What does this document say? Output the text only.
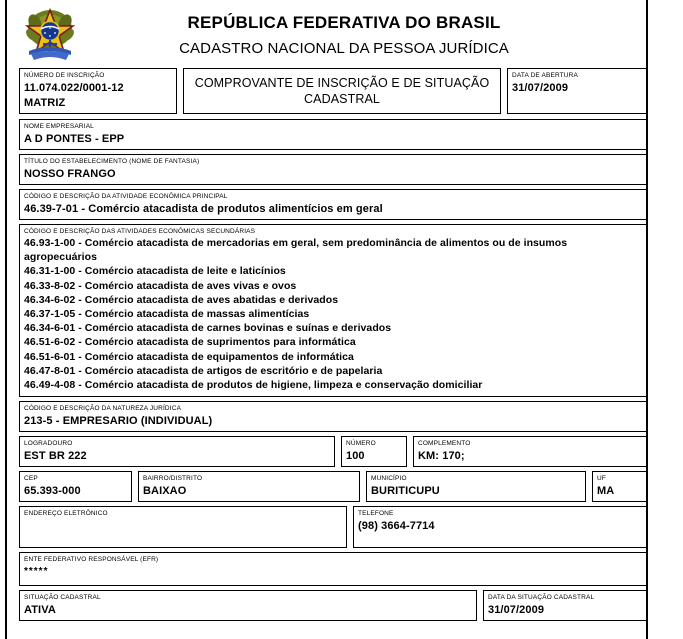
REPÚBLICA FEDERATIVA DO BRASIL
CADASTRO NACIONAL DA PESSOA JURÍDICA
NÚMERO DE INSCRIÇÃO
11.074.022/0001-12
MATRIZ
COMPROVANTE DE INSCRIÇÃO E DE SITUAÇÃO CADASTRAL
DATA DE ABERTURA
31/07/2009
NOME EMPRESARIAL
A D PONTES - EPP
TÍTULO DO ESTABELECIMENTO (NOME DE FANTASIA)
NOSSO FRANGO
CÓDIGO E DESCRIÇÃO DA ATIVIDADE ECONÔMICA PRINCIPAL
46.39-7-01 - Comércio atacadista de produtos alimentícios em geral
CÓDIGO E DESCRIÇÃO DAS ATIVIDADES ECONÔMICAS SECUNDÁRIAS
46.93-1-00 - Comércio atacadista de mercadorias em geral, sem predominância de alimentos ou de insumos agropecuários
46.31-1-00 - Comércio atacadista de leite e laticínios
46.33-8-02 - Comércio atacadista de aves vivas e ovos
46.34-6-02 - Comércio atacadista de aves abatidas e derivados
46.37-1-05 - Comércio atacadista de massas alimentícias
46.34-6-01 - Comércio atacadista de carnes bovinas e suínas e derivados
46.51-6-02 - Comércio atacadista de suprimentos para informática
46.51-6-01 - Comércio atacadista de equipamentos de informática
46.47-8-01 - Comércio atacadista de artigos de escritório e de papelaria
46.49-4-08 - Comércio atacadista de produtos de higiene, limpeza e conservação domiciliar
CÓDIGO E DESCRIÇÃO DA NATUREZA JURÍDICA
213-5 - EMPRESARIO (INDIVIDUAL)
LOGRADOURO
EST BR 222
NÚMERO
100
COMPLEMENTO
KM: 170;
CEP
65.393-000
BAIRRO/DISTRITO
BAIXAO
MUNICÍPIO
BURITICUPU
UF
MA
ENDEREÇO ELETRÔNICO	TELEFONE
(98) 3664-7714
ENTE FEDERATIVO RESPONSÁVEL (EFR)
*****
SITUAÇÃO CADASTRAL
ATIVA
DATA DA SITUAÇÃO CADASTRAL
31/07/2009
